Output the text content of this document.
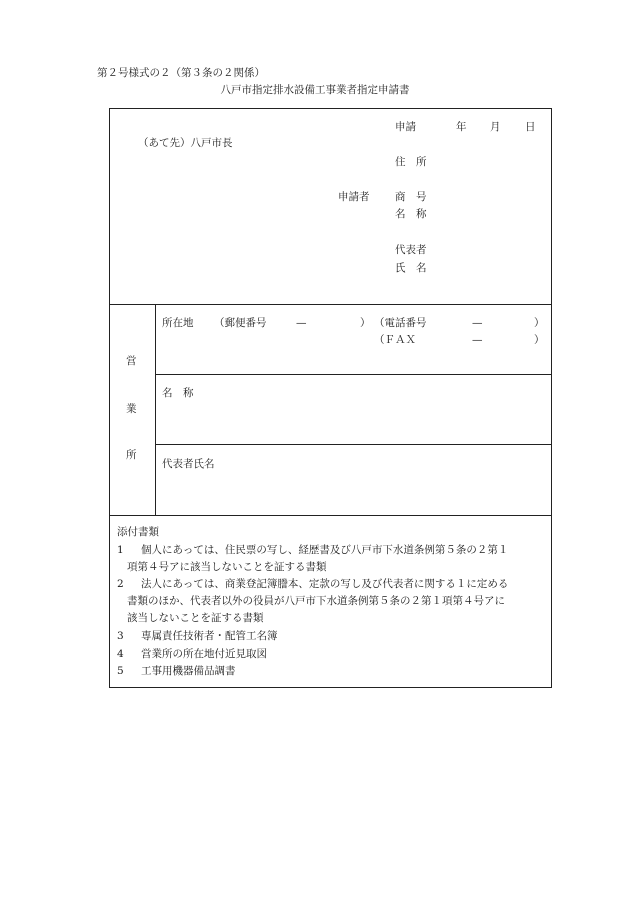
第２号様式の２（第３条の２関係）
八戸市指定排水設備工事業者指定申請書
（あて先）八戸市長
申請	年 月 日
住　所
申請者 商　号
名　称
代表者
氏　名
営
業
所
所在地 （郵便番号	—	） （電話番号	—	）
（ＦＡＸ	—	）
名　称
代表者氏名
添付書類
1 個人にあっては、住民票の写し、経歴書及び八戸市下水道条例第５条の２第１
項第４号アに該当しないことを証する書類
2 法人にあっては、商業登記簿謄本、定款の写し及び代表者に関する１に定める
書類のほか、代表者以外の役員が八戸市下水道条例第５条の２第１項第４号アに
該当しないことを証する書類
3 専属責任技術者・配管工名簿
4 営業所の所在地付近見取図
5 工事用機器備品調書
